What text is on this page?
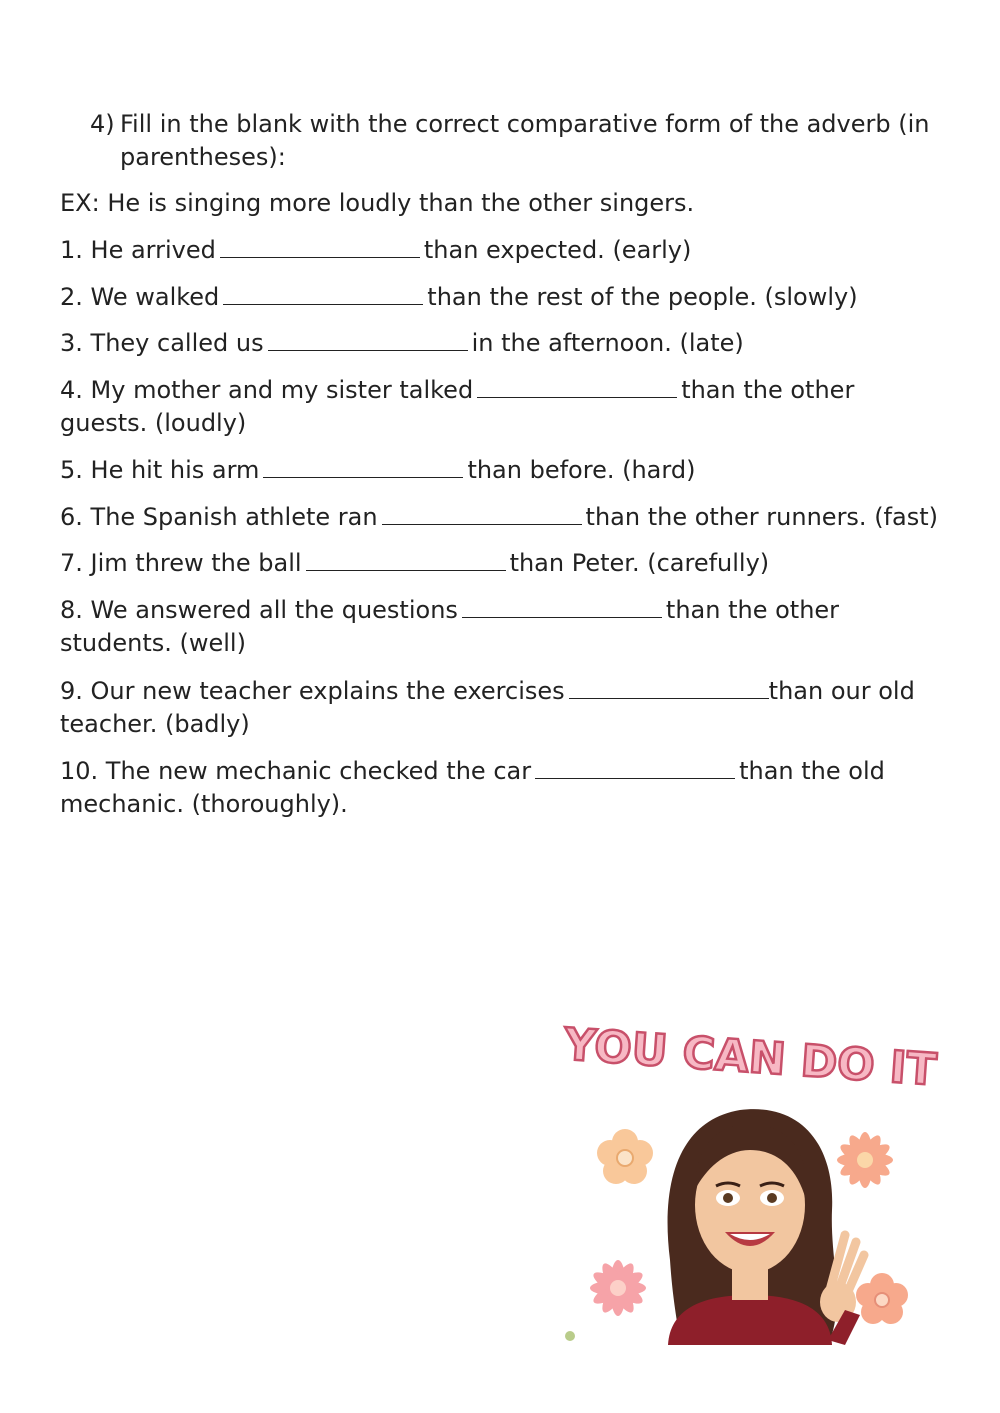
4) Fill in the blank with the correct comparative form of the adverb (in parentheses):
EX: He is singing more loudly than the other singers.
1. He arrived	than expected. (early)
2. We walked	than the rest of the people. (slowly)
3. They called us	in the afternoon. (late)
4. My mother and my sister talked	than the other guests. (loudly)
5. He hit his arm	than before. (hard)
6. The Spanish athlete ran	than the other runners. (fast)
7. Jim threw the ball	than Peter. (carefully)
8. We answered all the questions	than the other students. (well)
9. Our new teacher explains the exercises	than our old teacher. (badly)
10. The new mechanic checked the car	than the old mechanic. (thoroughly).
YOU CAN DO IT
